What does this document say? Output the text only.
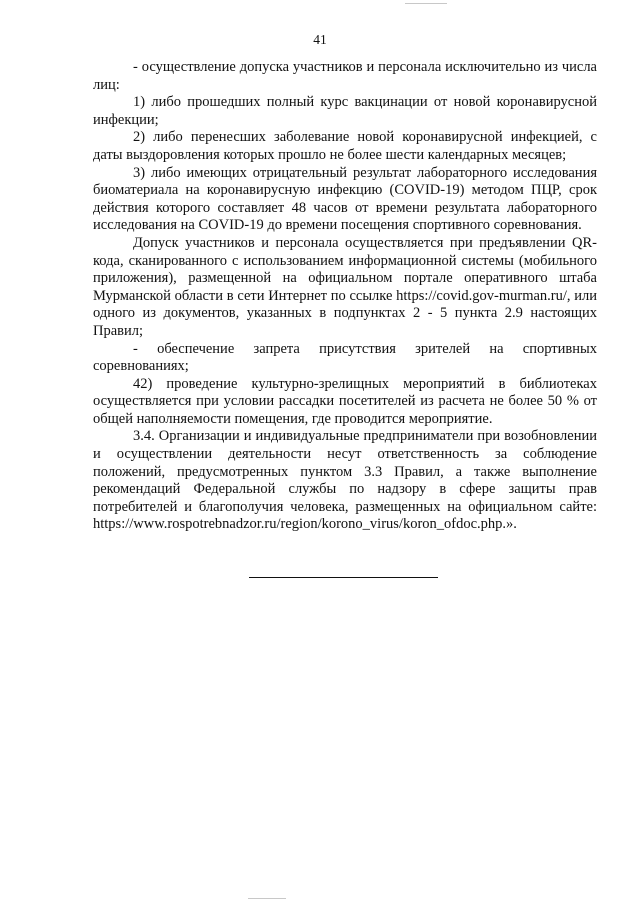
41

- осуществление допуска участников и персонала исключительно из числа лиц:

1) либо прошедших полный курс вакцинации от новой коронавирусной инфекции;

2) либо перенесших заболевание новой коронавирусной инфекцией, с даты выздоровления которых прошло не более шести календарных месяцев;

3) либо имеющих отрицательный результат лабораторного исследования биоматериала на коронавирусную инфекцию (COVID-19) методом ПЦР, срок действия которого составляет 48 часов от времени результата лабораторного исследования на COVID-19 до времени посещения спортивного соревнования.

Допуск участников и персонала осуществляется при предъявлении QR-кода, сканированного с использованием информационной системы (мобильного приложения), размещенной на официальном портале оперативного штаба Мурманской области в сети Интернет по ссылке https://covid.gov-murman.ru/, или одного из документов, указанных в подпунктах 2 - 5 пункта 2.9 настоящих Правил;

- обеспечение запрета присутствия зрителей на спортивных соревнованиях;

42) проведение культурно-зрелищных мероприятий в библиотеках осуществляется при условии рассадки посетителей из расчета не более 50 % от общей наполняемости помещения, где проводится мероприятие.

3.4. Организации и индивидуальные предприниматели при возобновлении и осуществлении деятельности несут ответственность за соблюдение положений, предусмотренных пунктом 3.3 Правил, а также выполнение рекомендаций Федеральной службы по надзору в сфере защиты прав потребителей и благополучия человека, размещенных на официальном сайте: https://www.rospotrebnadzor.ru/region/korono_virus/koron_ofdoc.php.».
